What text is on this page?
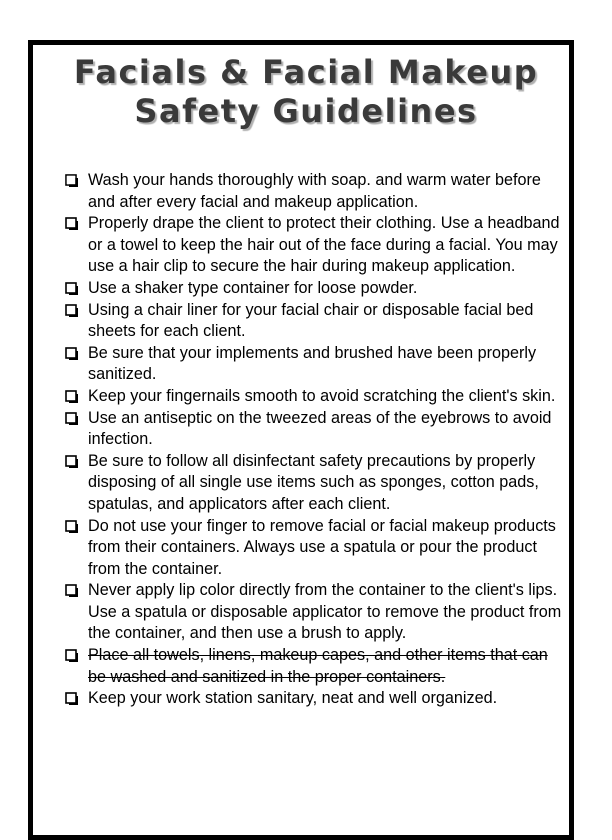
Facials & Facial Makeup
Safety Guidelines
Wash your hands thoroughly with soap. and warm water before and after every facial and makeup application.
Properly drape the client to protect their clothing. Use a headband or a towel to keep the hair out of the face during a facial. You may use a hair clip to secure the hair during makeup application.
Use a shaker type container for loose powder.
Using a chair liner for your facial chair or disposable facial bed sheets for each client.
Be sure that your implements and brushed have been properly sanitized.
Keep your fingernails smooth to avoid scratching the client's skin.
Use an antiseptic on the tweezed areas of the eyebrows to avoid infection.
Be sure to follow all disinfectant safety precautions by properly disposing of all single use items such as sponges, cotton pads, spatulas, and applicators after each client.
Do not use your finger to remove facial or facial makeup products from their containers. Always use a spatula or pour the product from the container.
Never apply lip color directly from the container to the client's lips. Use a spatula or disposable applicator to remove the product from the container, and then use a brush to apply.
Place all towels, linens, makeup capes, and other items that can be washed and sanitized in the proper containers.
Keep your work station sanitary, neat and well organized.
